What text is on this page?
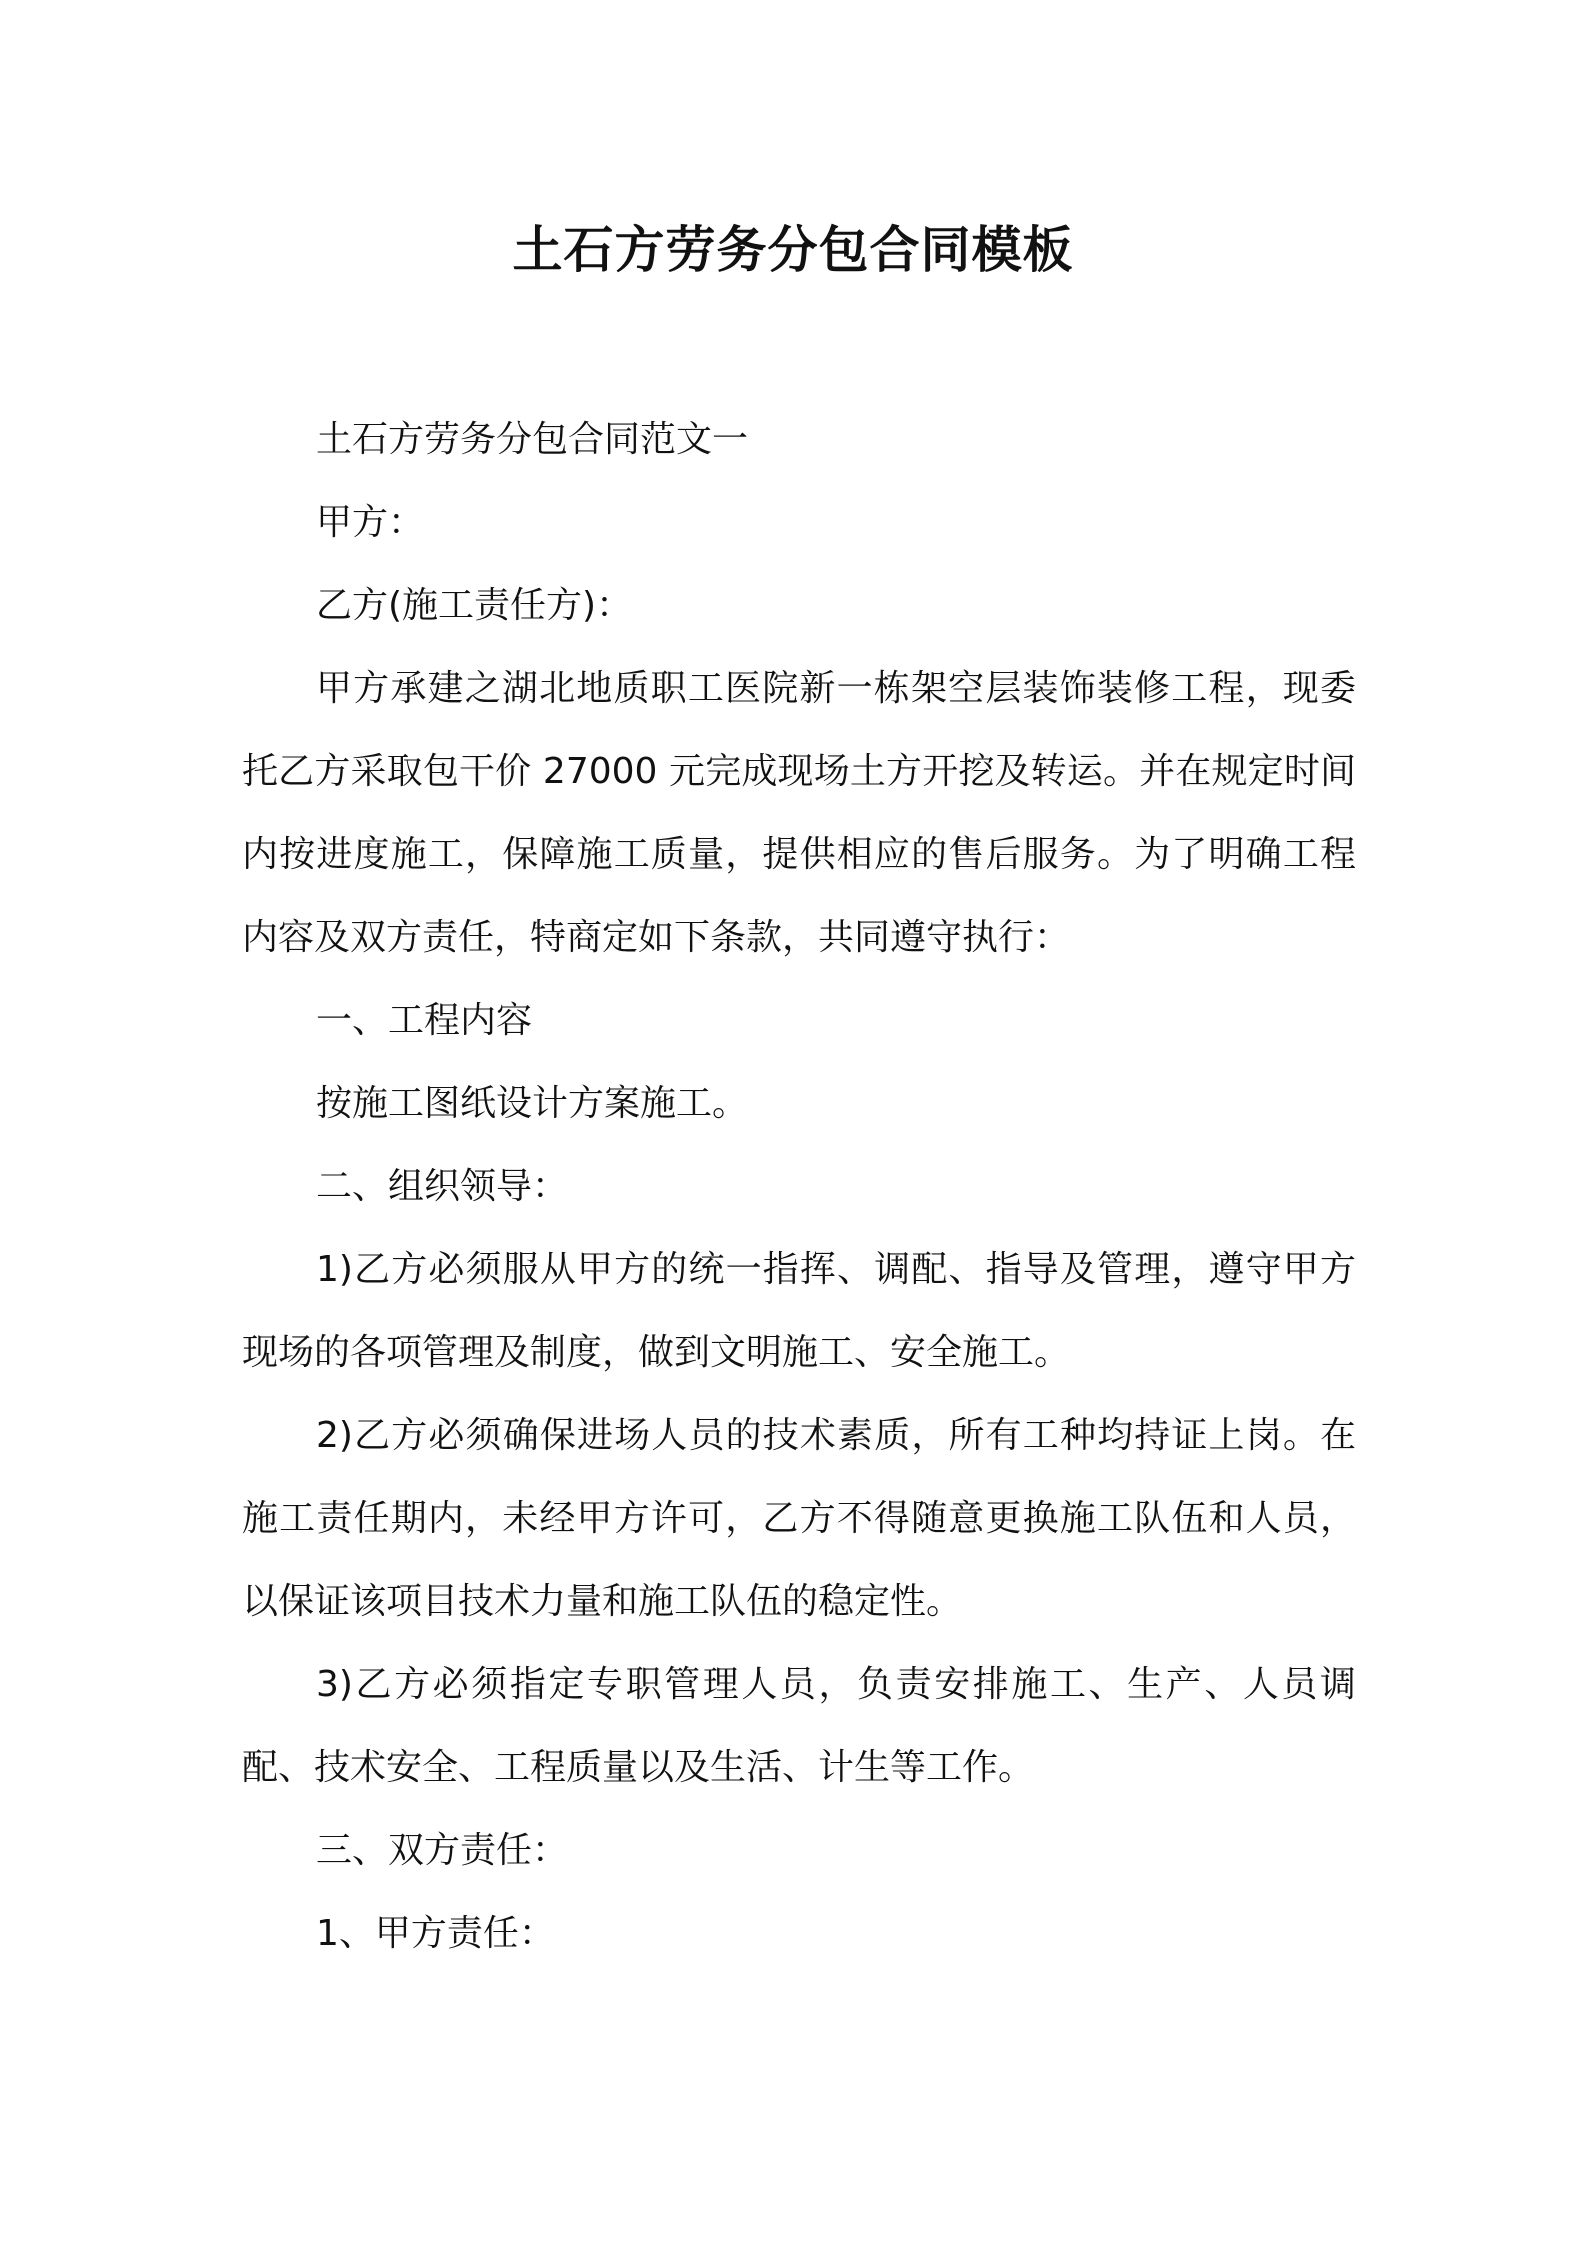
土石方劳务分包合同模板

土石方劳务分包合同范文一

甲方：

乙方(施工责任方)：

甲方承建之湖北地质职工医院新一栋架空层装饰装修工程，现委托乙方采取包干价 27000 元完成现场土方开挖及转运。并在规定时间内按进度施工，保障施工质量，提供相应的售后服务。为了明确工程内容及双方责任，特商定如下条款，共同遵守执行：

一、工程内容

按施工图纸设计方案施工。

二、组织领导：

1)乙方必须服从甲方的统一指挥、调配、指导及管理，遵守甲方现场的各项管理及制度，做到文明施工、安全施工。

2)乙方必须确保进场人员的技术素质，所有工种均持证上岗。在施工责任期内，未经甲方许可，乙方不得随意更换施工队伍和人员，以保证该项目技术力量和施工队伍的稳定性。

3)乙方必须指定专职管理人员，负责安排施工、生产、人员调配、技术安全、工程质量以及生活、计生等工作。

三、双方责任：

1、甲方责任：
